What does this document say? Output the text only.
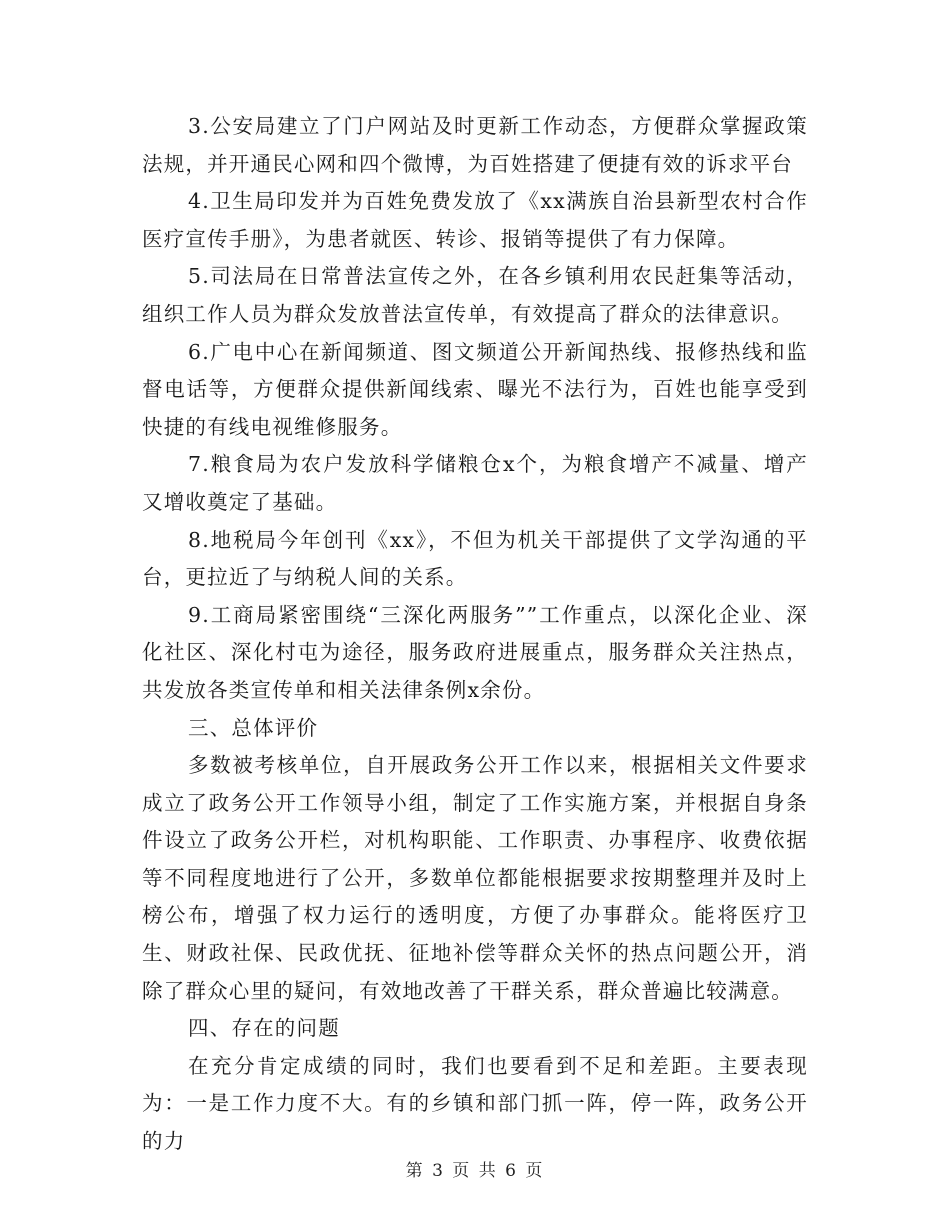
3.公安局建立了门户网站及时更新工作动态，方便群众掌握政策法规，并开通民心网和四个微博，为百姓搭建了便捷有效的诉求平台

4.卫生局印发并为百姓免费发放了《xx满族自治县新型农村合作医疗宣传手册》，为患者就医、转诊、报销等提供了有力保障。

5.司法局在日常普法宣传之外，在各乡镇利用农民赶集等活动，组织工作人员为群众发放普法宣传单，有效提高了群众的法律意识。

6.广电中心在新闻频道、图文频道公开新闻热线、报修热线和监督电话等，方便群众提供新闻线索、曝光不法行为，百姓也能享受到快捷的有线电视维修服务。

7.粮食局为农户发放科学储粮仓x个，为粮食增产不减量、增产又增收奠定了基础。

8.地税局今年创刊《xx》，不但为机关干部提供了文学沟通的平台，更拉近了与纳税人间的关系。

9.工商局紧密围绕“三深化两服务””工作重点，以深化企业、深化社区、深化村屯为途径，服务政府进展重点，服务群众关注热点，共发放各类宣传单和相关法律条例x余份。

三、总体评价

多数被考核单位，自开展政务公开工作以来，根据相关文件要求成立了政务公开工作领导小组，制定了工作实施方案，并根据自身条件设立了政务公开栏，对机构职能、工作职责、办事程序、收费依据等不同程度地进行了公开，多数单位都能根据要求按期整理并及时上榜公布，增强了权力运行的透明度，方便了办事群众。能将医疗卫生、财政社保、民政优抚、征地补偿等群众关怀的热点问题公开，消除了群众心里的疑问，有效地改善了干群关系，群众普遍比较满意。

四、存在的问题

在充分肯定成绩的同时，我们也要看到不足和差距。主要表现为：一是工作力度不大。有的乡镇和部门抓一阵，停一阵，政务公开的力

第 3 页 共 6 页
